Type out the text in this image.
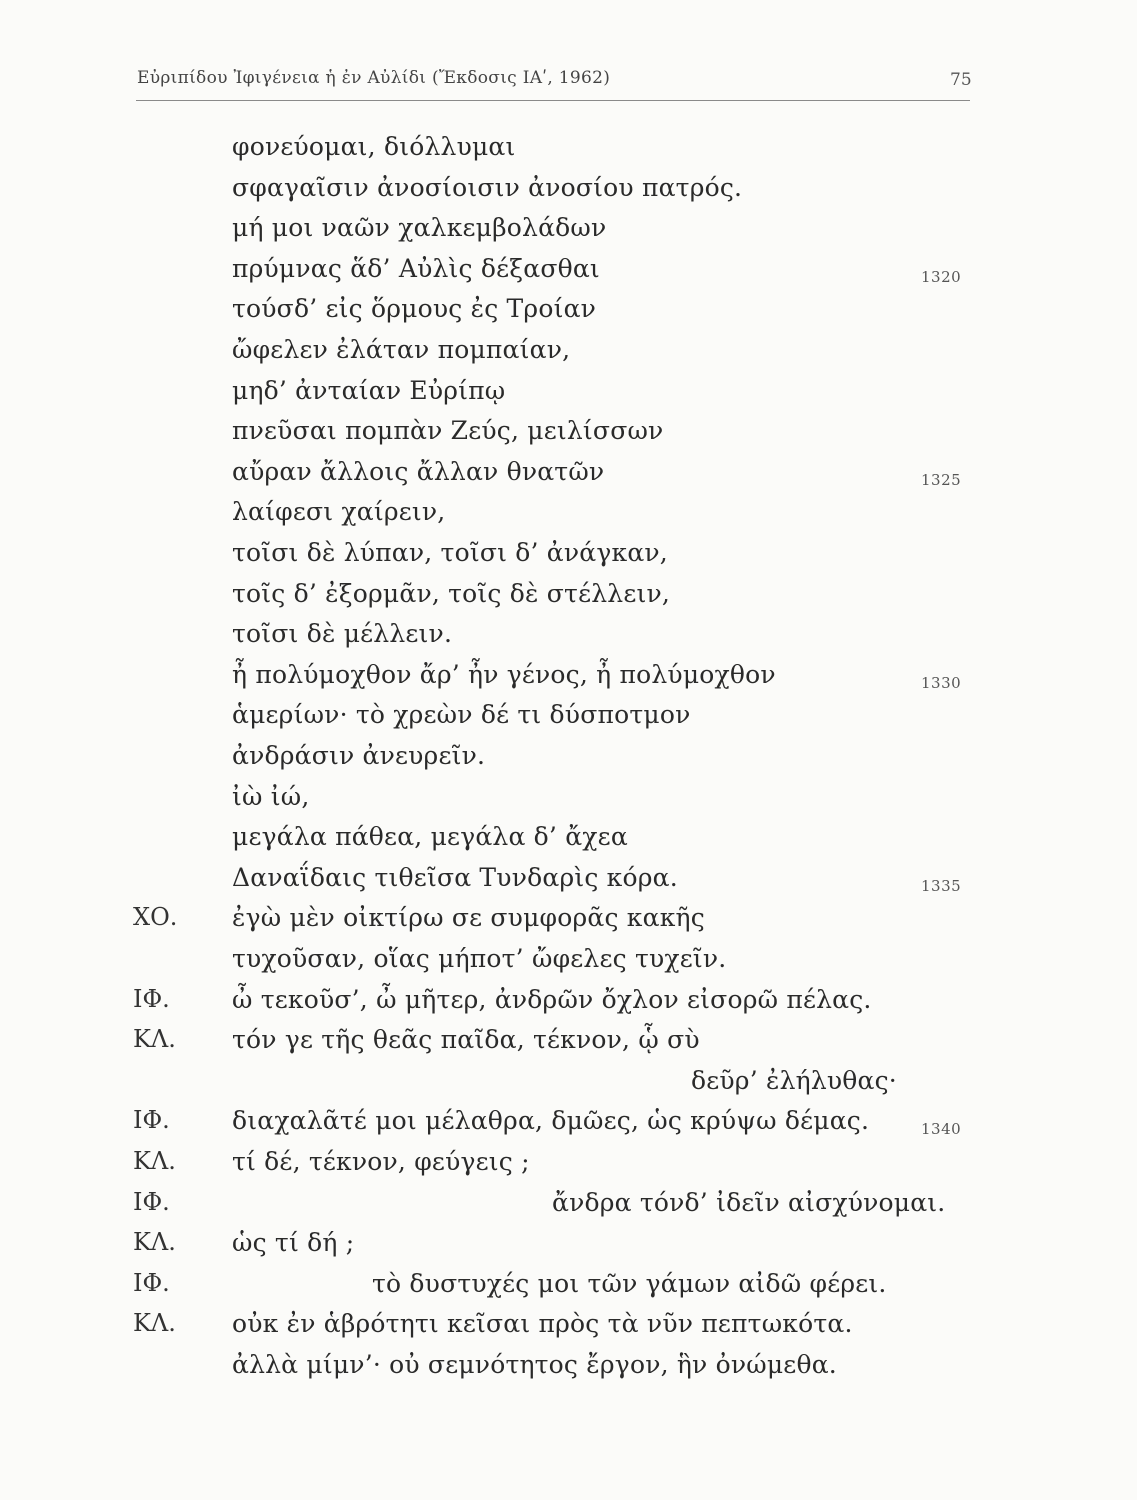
Εὐριπίδου Ἰφιγένεια ἡ ἐν Αὐλίδι (Ἔκδοσις ΙΑʹ, 1962)	75
φονεύομαι, διόλλυμαι
σφαγαῖσιν ἀνοσίοισιν ἀνοσίου πατρός.
μή μοι ναῶν χαλκεμβολάδων
πρύμνας ἅδ’ Αὐλὶς δέξασθαι	1320
τούσδ’ εἰς ὅρμους ἐς Τροίαν
ὤφελεν ἐλάταν πομπαίαν,
μηδ’ ἀνταίαν Εὐρίπῳ
πνεῦσαι πομπὰν Ζεύς, μειλίσσων
αὔραν ἄλλοις ἄλλαν θνατῶν	1325
λαίφεσι χαίρειν,
τοῖσι δὲ λύπαν, τοῖσι δ’ ἀνάγκαν,
τοῖς δ’ ἐξορμᾶν, τοῖς δὲ στέλλειν,
τοῖσι δὲ μέλλειν.
ἦ πολύμοχθον ἄρ’ ἦν γένος, ἦ πολύμοχθον	1330
ἁμερίων· τὸ χρεὼν δέ τι δύσποτμον
ἀνδράσιν ἀνευρεῖν.
ἰὼ ἰώ,
μεγάλα πάθεα, μεγάλα δ’ ἄχεα
Δαναΐδαις τιθεῖσα Τυνδαρὶς κόρα.	1335
ΧΟ. ἐγὼ μὲν οἰκτίρω σε συμφορᾶς κακῆς
τυχοῦσαν, οἵας μήποτ’ ὤφελες τυχεῖν.
ΙΦ. ὦ τεκοῦσ’, ὦ μῆτερ, ἀνδρῶν ὄχλον εἰσορῶ πέλας.
ΚΛ. τόν γε τῆς θεᾶς παῖδα, τέκνον, ᾧ σὺ
δεῦρ’ ἐλήλυθας·
ΙΦ. διαχαλᾶτέ μοι μέλαθρα, δμῶες, ὡς κρύψω δέμας.	1340
ΚΛ. τί δέ, τέκνον, φεύγεις ;
ΙΦ.	ἄνδρα τόνδ’ ἰδεῖν αἰσχύνομαι.
ΚΛ. ὡς τί δή ;
ΙΦ.	τὸ δυστυχές μοι τῶν γάμων αἰδῶ φέρει.
ΚΛ. οὐκ ἐν ἁβρότητι κεῖσαι πρὸς τὰ νῦν πεπτωκότα.
ἀλλὰ μίμν’· οὐ σεμνότητος ἔργον, ἣν ὀνώμεθα.
